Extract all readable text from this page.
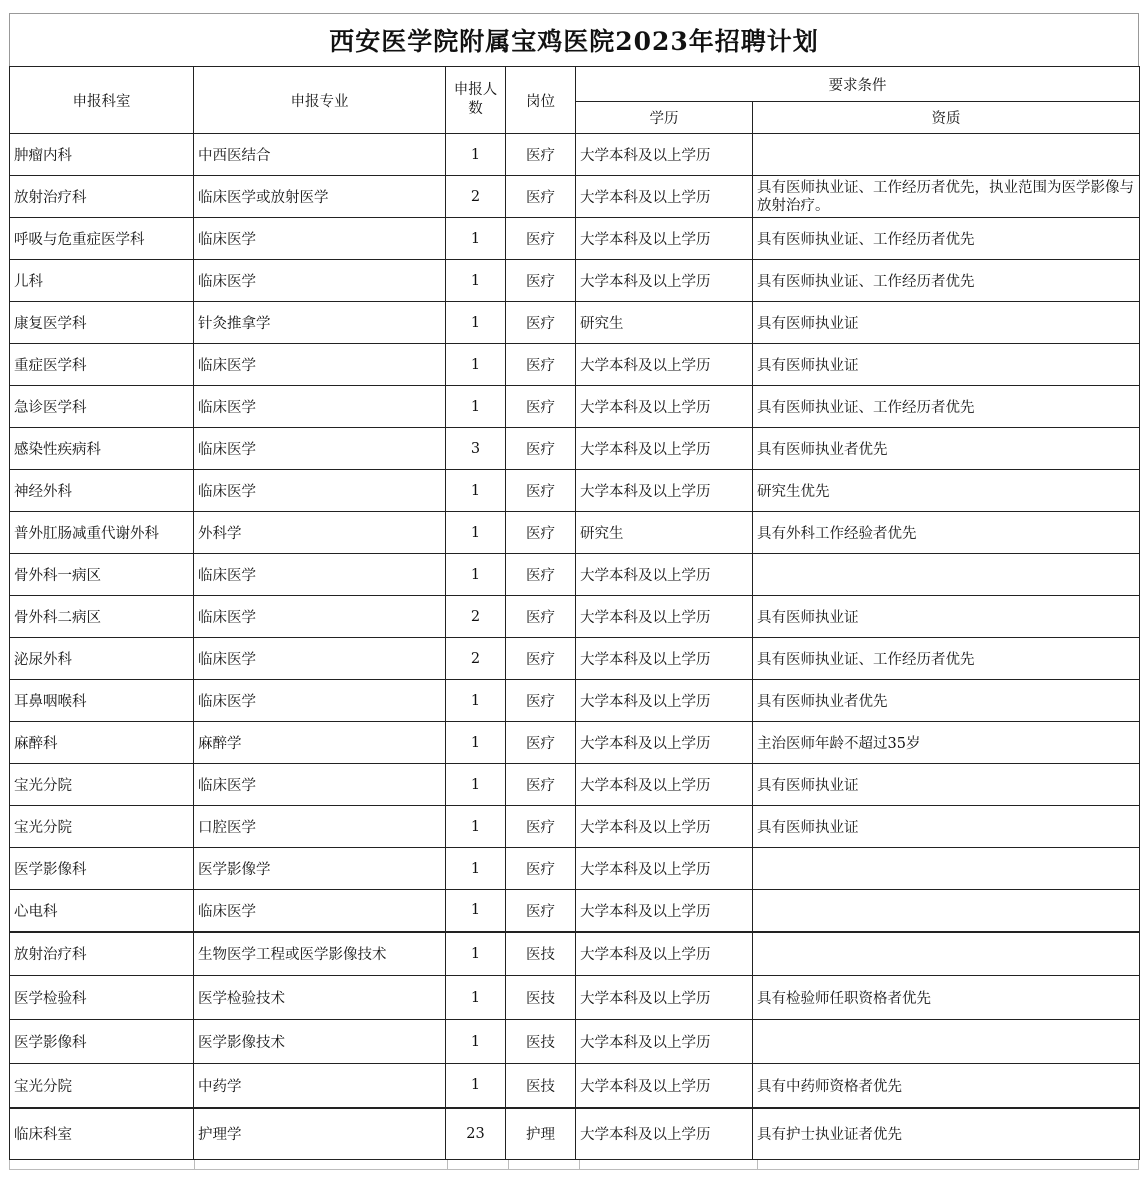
西安医学院附属宝鸡医院2023年招聘计划
申报科室	申报专业	申报人数	岗位	要求条件	
				学历	资质
肿瘤内科	中西医结合	1	医疗	大学本科及以上学历	
放射治疗科	临床医学或放射医学	2	医疗	大学本科及以上学历	具有医师执业证、工作经历者优先，执业范围为医学影像与放射治疗。
呼吸与危重症医学科	临床医学	1	医疗	大学本科及以上学历	具有医师执业证、工作经历者优先
儿科	临床医学	1	医疗	大学本科及以上学历	具有医师执业证、工作经历者优先
康复医学科	针灸推拿学	1	医疗	研究生	具有医师执业证
重症医学科	临床医学	1	医疗	大学本科及以上学历	具有医师执业证
急诊医学科	临床医学	1	医疗	大学本科及以上学历	具有医师执业证、工作经历者优先
感染性疾病科	临床医学	3	医疗	大学本科及以上学历	具有医师执业者优先
神经外科	临床医学	1	医疗	大学本科及以上学历	研究生优先
普外肛肠减重代谢外科	外科学	1	医疗	研究生	具有外科工作经验者优先
骨外科一病区	临床医学	1	医疗	大学本科及以上学历	
骨外科二病区	临床医学	2	医疗	大学本科及以上学历	具有医师执业证
泌尿外科	临床医学	2	医疗	大学本科及以上学历	具有医师执业证、工作经历者优先
耳鼻咽喉科	临床医学	1	医疗	大学本科及以上学历	具有医师执业者优先
麻醉科	麻醉学	1	医疗	大学本科及以上学历	主治医师年龄不超过35岁
宝光分院	临床医学	1	医疗	大学本科及以上学历	具有医师执业证
宝光分院	口腔医学	1	医疗	大学本科及以上学历	具有医师执业证
医学影像科	医学影像学	1	医疗	大学本科及以上学历	
心电科	临床医学	1	医疗	大学本科及以上学历	
放射治疗科	生物医学工程或医学影像技术	1	医技	大学本科及以上学历	
医学检验科	医学检验技术	1	医技	大学本科及以上学历	具有检验师任职资格者优先
医学影像科	医学影像技术	1	医技	大学本科及以上学历	
宝光分院	中药学	1	医技	大学本科及以上学历	具有中药师资格者优先
临床科室	护理学	23	护理	大学本科及以上学历	具有护士执业证者优先
